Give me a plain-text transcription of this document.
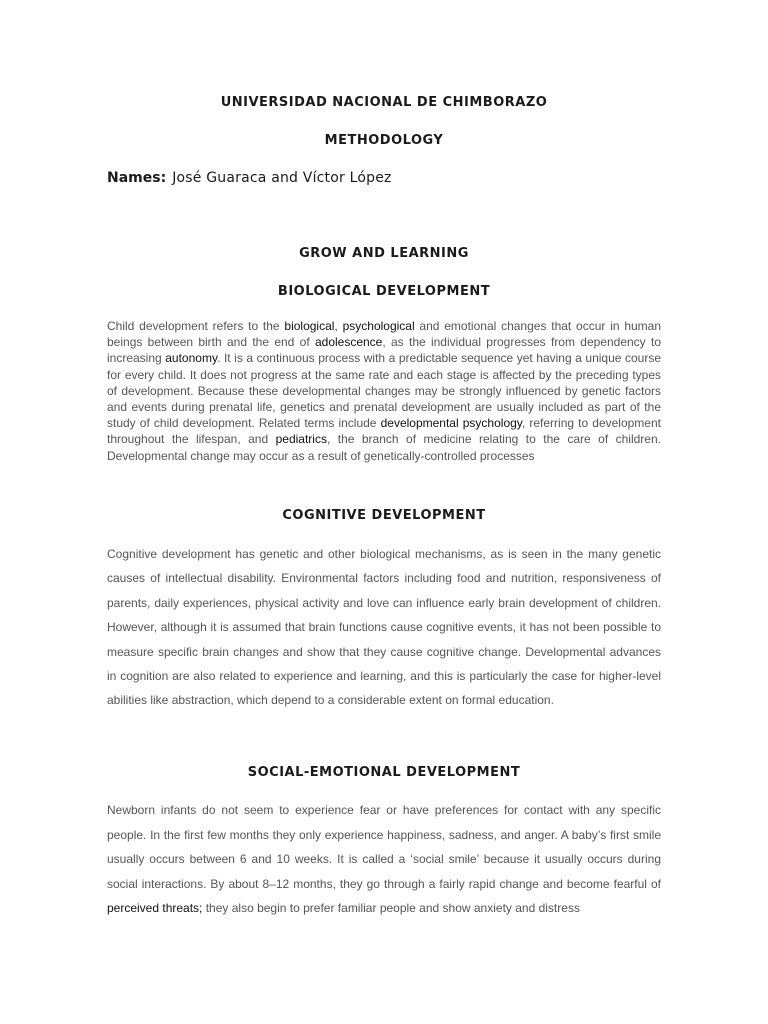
UNIVERSIDAD NACIONAL DE CHIMBORAZO
METHODOLOGY
Names: José Guaraca and Víctor López
GROW AND LEARNING
BIOLOGICAL DEVELOPMENT

Child development refers to the biological, psychological and emotional changes that occur in human beings between birth and the end of adolescence, as the individual progresses from dependency to increasing autonomy. It is a continuous process with a predictable sequence yet having a unique course for every child. It does not progress at the same rate and each stage is affected by the preceding types of development. Because these developmental changes may be strongly influenced by genetic factors and events during prenatal life, genetics and prenatal development are usually included as part of the study of child development. Related terms include developmental psychology, referring to development throughout the lifespan, and pediatrics, the branch of medicine relating to the care of children. Developmental change may occur as a result of genetically-controlled processes

COGNITIVE DEVELOPMENT

Cognitive development has genetic and other biological mechanisms, as is seen in the many genetic causes of intellectual disability. Environmental factors including food and nutrition, responsiveness of parents, daily experiences, physical activity and love can influence early brain development of children. However, although it is assumed that brain functions cause cognitive events, it has not been possible to measure specific brain changes and show that they cause cognitive change. Developmental advances in cognition are also related to experience and learning, and this is particularly the case for higher-level abilities like abstraction, which depend to a considerable extent on formal education.

SOCIAL-EMOTIONAL DEVELOPMENT

Newborn infants do not seem to experience fear or have preferences for contact with any specific people. In the first few months they only experience happiness, sadness, and anger. A baby’s first smile usually occurs between 6 and 10 weeks. It is called a ‘social smile’ because it usually occurs during social interactions. By about 8–12 months, they go through a fairly rapid change and become fearful of perceived threats; they also begin to prefer familiar people and show anxiety and distress
